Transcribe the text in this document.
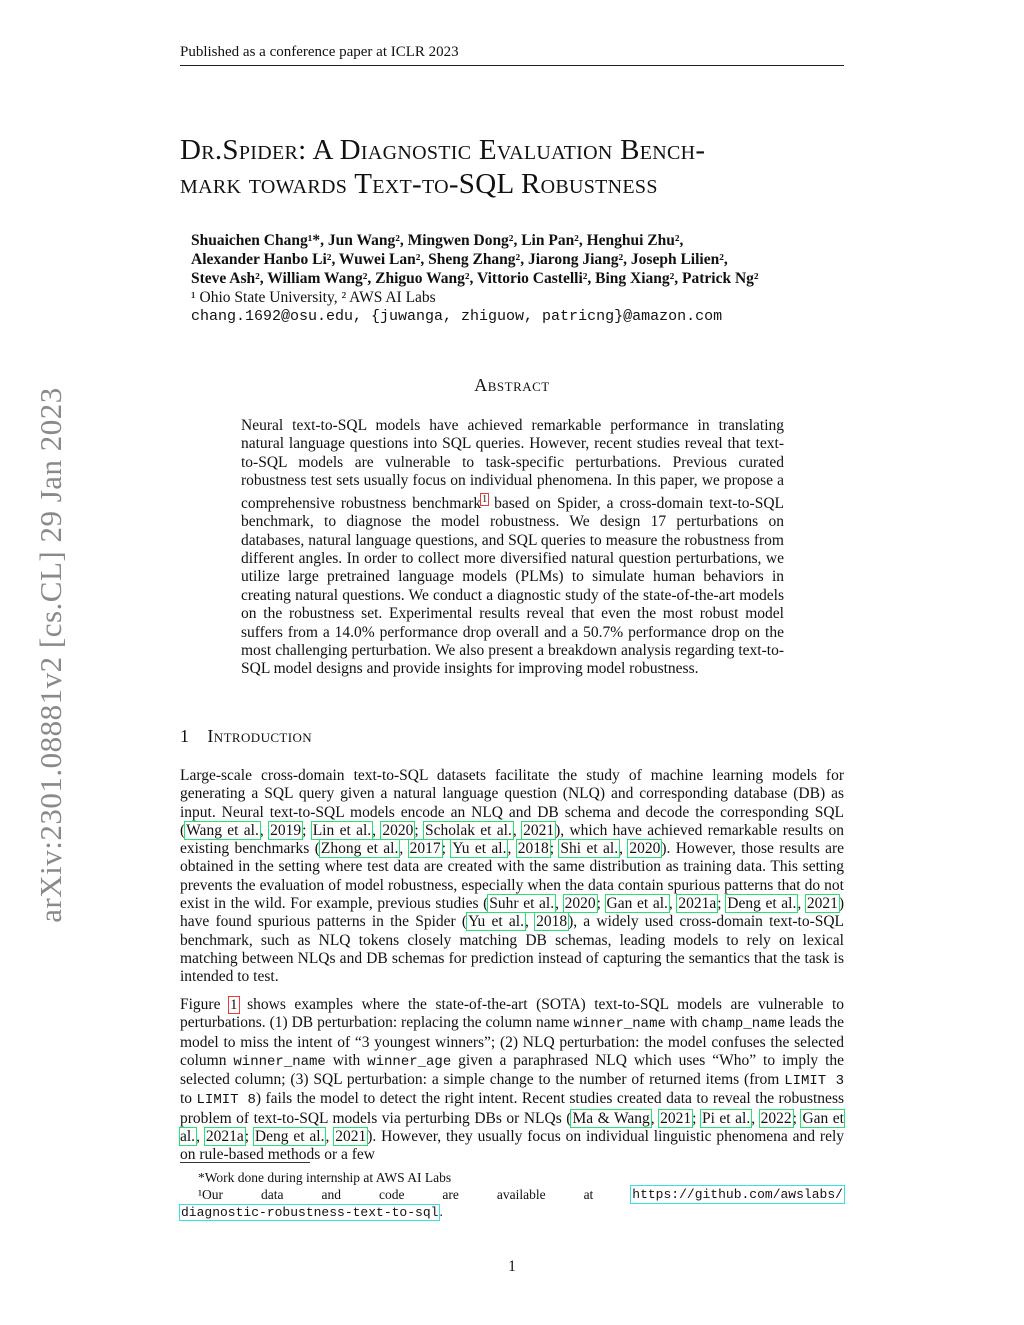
Published as a conference paper at ICLR 2023
arXiv:2301.08881v2 [cs.CL] 29 Jan 2023
Dr.Spider: A Diagnostic Evaluation Bench-
mark towards Text-to-SQL Robustness
Shuaichen Chang¹*, Jun Wang², Mingwen Dong², Lin Pan², Henghui Zhu²,
Alexander Hanbo Li², Wuwei Lan², Sheng Zhang², Jiarong Jiang², Joseph Lilien²,
Steve Ash², William Wang², Zhiguo Wang², Vittorio Castelli², Bing Xiang², Patrick Ng²
¹ Ohio State University, ² AWS AI Labs
chang.1692@osu.edu, {juwanga, zhiguow, patricng}@amazon.com
Abstract
Neural text-to-SQL models have achieved remarkable performance in translating natural language questions into SQL queries. However, recent studies reveal that text-to-SQL models are vulnerable to task-specific perturbations. Previous curated robustness test sets usually focus on individual phenomena. In this paper, we propose a comprehensive robustness benchmark$^1$ based on Spider, a cross-domain text-to-SQL benchmark, to diagnose the model robustness. We design 17 perturbations on databases, natural language questions, and SQL queries to measure the robustness from different angles. In order to collect more diversified natural question perturbations, we utilize large pretrained language models (PLMs) to simulate human behaviors in creating natural questions. We conduct a diagnostic study of the state-of-the-art models on the robustness set. Experimental results reveal that even the most robust model suffers from a 14.0% performance drop overall and a 50.7% performance drop on the most challenging perturbation. We also present a breakdown analysis regarding text-to-SQL model designs and provide insights for improving model robustness.
1 Introduction
Large-scale cross-domain text-to-SQL datasets facilitate the study of machine learning models for generating a SQL query given a natural language question (NLQ) and corresponding database (DB) as input. Neural text-to-SQL models encode an NLQ and DB schema and decode the corresponding SQL (Wang et al., 2019; Lin et al., 2020; Scholak et al., 2021), which have achieved remarkable results on existing benchmarks (Zhong et al., 2017; Yu et al., 2018; Shi et al., 2020). However, those results are obtained in the setting where test data are created with the same distribution as training data. This setting prevents the evaluation of model robustness, especially when the data contain spurious patterns that do not exist in the wild. For example, previous studies (Suhr et al., 2020; Gan et al., 2021a; Deng et al., 2021) have found spurious patterns in the Spider (Yu et al., 2018), a widely used cross-domain text-to-SQL benchmark, such as NLQ tokens closely matching DB schemas, leading models to rely on lexical matching between NLQs and DB schemas for prediction instead of capturing the semantics that the task is intended to test.
Figure 1 shows examples where the state-of-the-art (SOTA) text-to-SQL models are vulnerable to perturbations. (1) DB perturbation: replacing the column name winner_name with champ_name leads the model to miss the intent of “3 youngest winners”; (2) NLQ perturbation: the model confuses the selected column winner_name with winner_age given a paraphrased NLQ which uses “Who” to imply the selected column; (3) SQL perturbation: a simple change to the number of returned items (from LIMIT 3 to LIMIT 8) fails the model to detect the right intent. Recent studies created data to reveal the robustness problem of text-to-SQL models via perturbing DBs or NLQs (Ma & Wang, 2021; Pi et al., 2022; Gan et al., 2021a; Deng et al., 2021). However, they usually focus on individual linguistic phenomena and rely on rule-based methods or a few
*Work done during internship at AWS AI Labs
¹Our	data	and	code	are	available	at	https://github.com/awslabs/
diagnostic-robustness-text-to-sql.
1
